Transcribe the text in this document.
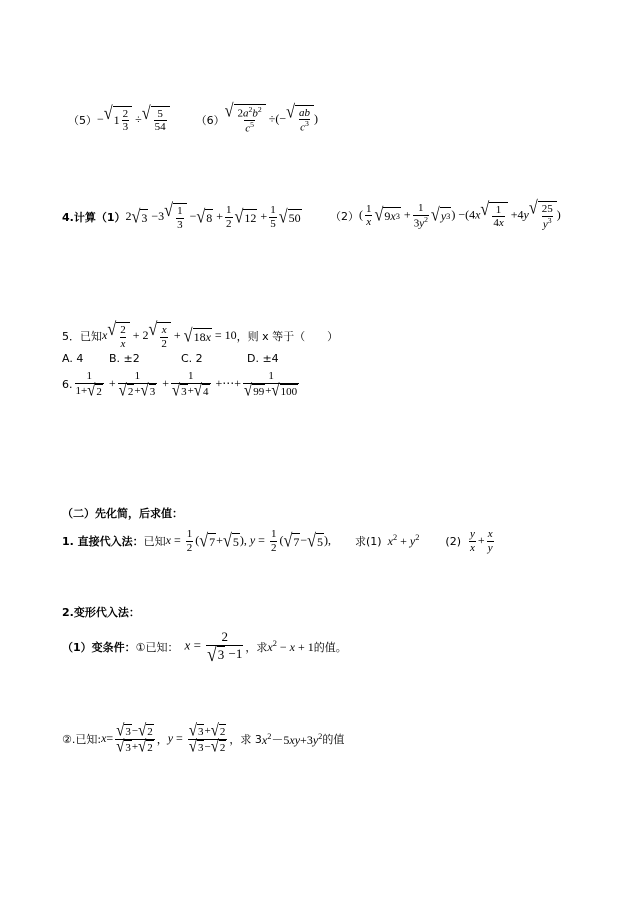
（5） − √ $1 \frac{2}{3}$ ÷ √ $\frac{5}{54}$	（6） √ $\frac{2a^2b^2}{c^5}$ ÷(− √ $\frac{ab}{c^3}$ )
4.计算（1） 2 √ 3 −3 √ $\frac{1}{3}$ − √ $8 + \frac{1}{2}$ √ $12 + \frac{1}{5}$ √ 50	（2） ( $\frac{1}{x}$ √ 9 x $3 + \frac{1}{3y^2}$ √ y 3 ) −(4x √ $\frac{1}{4x} +4y$ √ $\frac{25}{y^3}$ )
5．已知 x √ $\frac{2}{x} + 2$ √ $\frac{x}{2}$ + √ 18 x = 10 ，则 x 等于（　　）
A. 4	B. ±2	C. 2	D. ±4
6. $\frac{1}{1+ √ 2} + \frac{1}{√ 2 + √ 3} + \frac{1}{√ 3 + √ 4}$ +⋯+ $\frac{1}{√ 99 + √ 100}$
（二）先化简，后求值：
1. 直接代入法： 已知 $x = \frac{1}{2}$ ( √ 7 + √ 5 ), $y = \frac{1}{2}$ ( √ 7 − √ 5 ), 求(1) $x^2 + y^2$ $(2) \frac{y}{x} + \frac{x}{y}$
2.变形代入法：
（1）变条件： ①已知： $x = \frac{2}{√ 3 -1}$ ，求 $x^2 - x + 1$ 的值。
②.已知: $x= \frac{√ 3 - √ 2}{√ 3 + √ 2}$ ， $y = \frac{√ 3 + √ 2}{√ 3 - √ 2}$ ，求 3 $x^2-5xy+3y^2$ 的值
